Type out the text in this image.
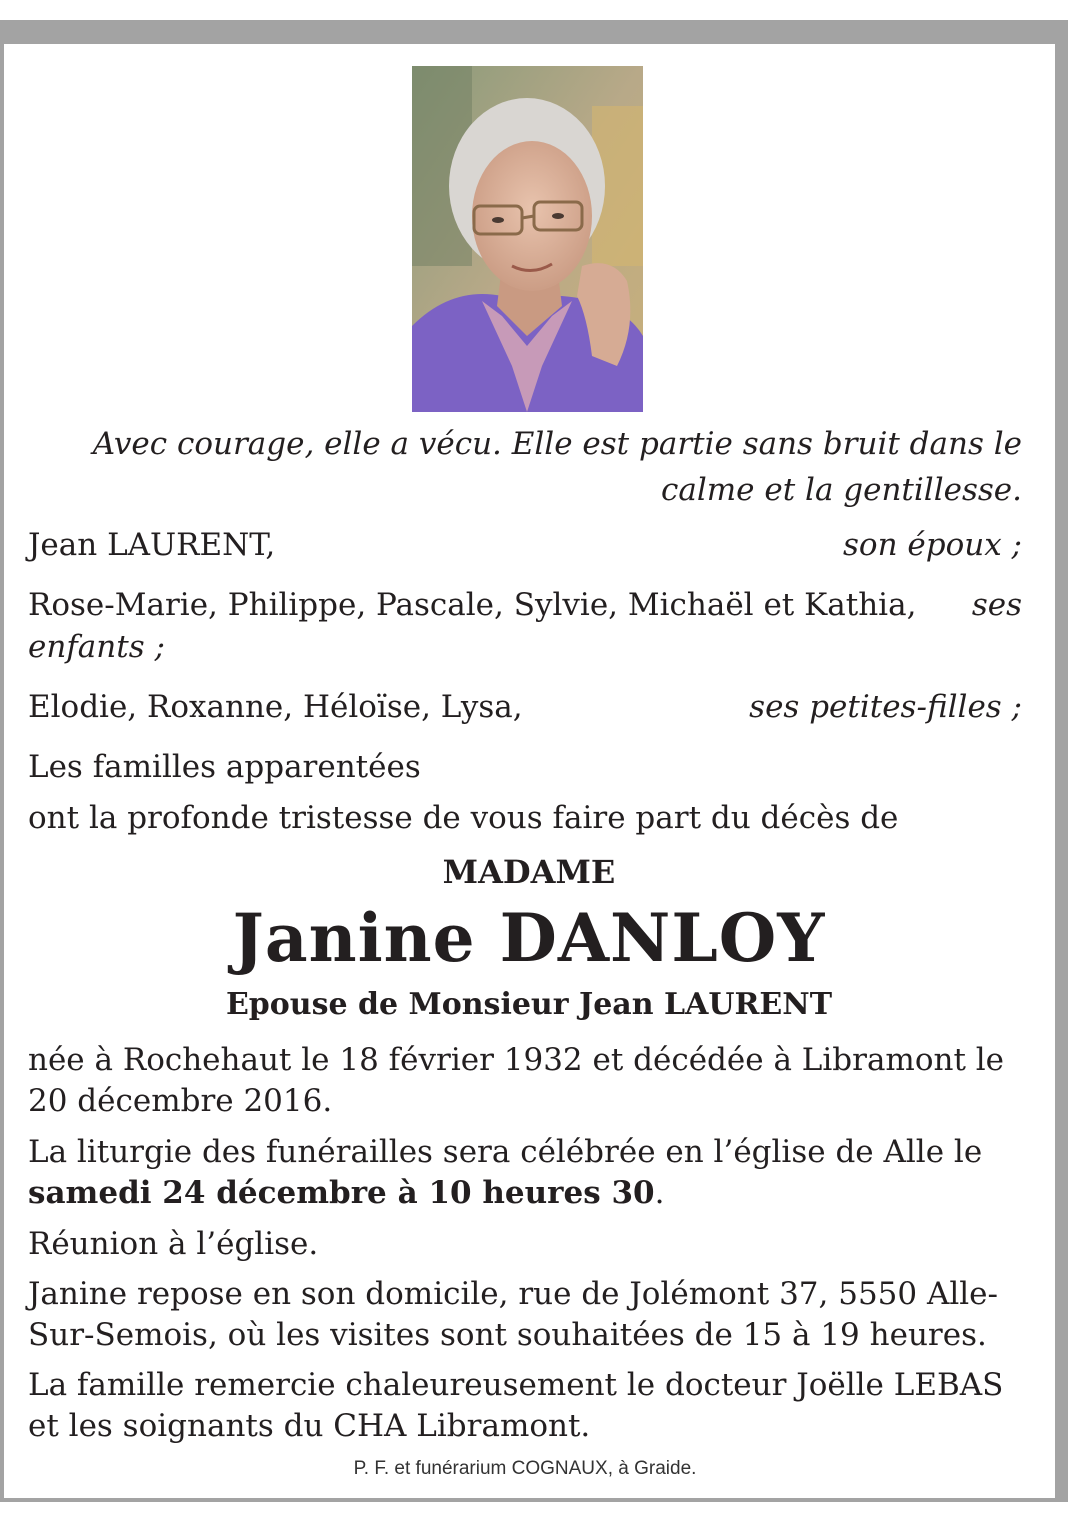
Avec courage, elle a vécu. Elle est partie sans bruit dans le
calme et la gentillesse.
Jean LAURENT,	son époux ;
Rose-Marie, Philippe, Pascale, Sylvie, Michaël et Kathia, ses
enfants ;
Elodie, Roxanne, Héloïse, Lysa,	ses petites-filles ;
Les familles apparentées
ont la profonde tristesse de vous faire part du décès de
MADAME
Janine DANLOY
Epouse de Monsieur Jean LAURENT
née à Rochehaut le 18 février 1932 et décédée à Libramont le 20 décembre 2016.
La liturgie des funérailles sera célébrée en l’église de Alle le samedi 24 décembre à 10 heures 30.
Réunion à l’église.
Janine repose en son domicile, rue de Jolémont 37, 5550 Alle-Sur-Semois, où les visites sont souhaitées de 15 à 19 heures.
La famille remercie chaleureusement le docteur Joëlle LEBAS et les soignants du CHA Libramont.
P. F. et funérarium COGNAUX, à Graide.
